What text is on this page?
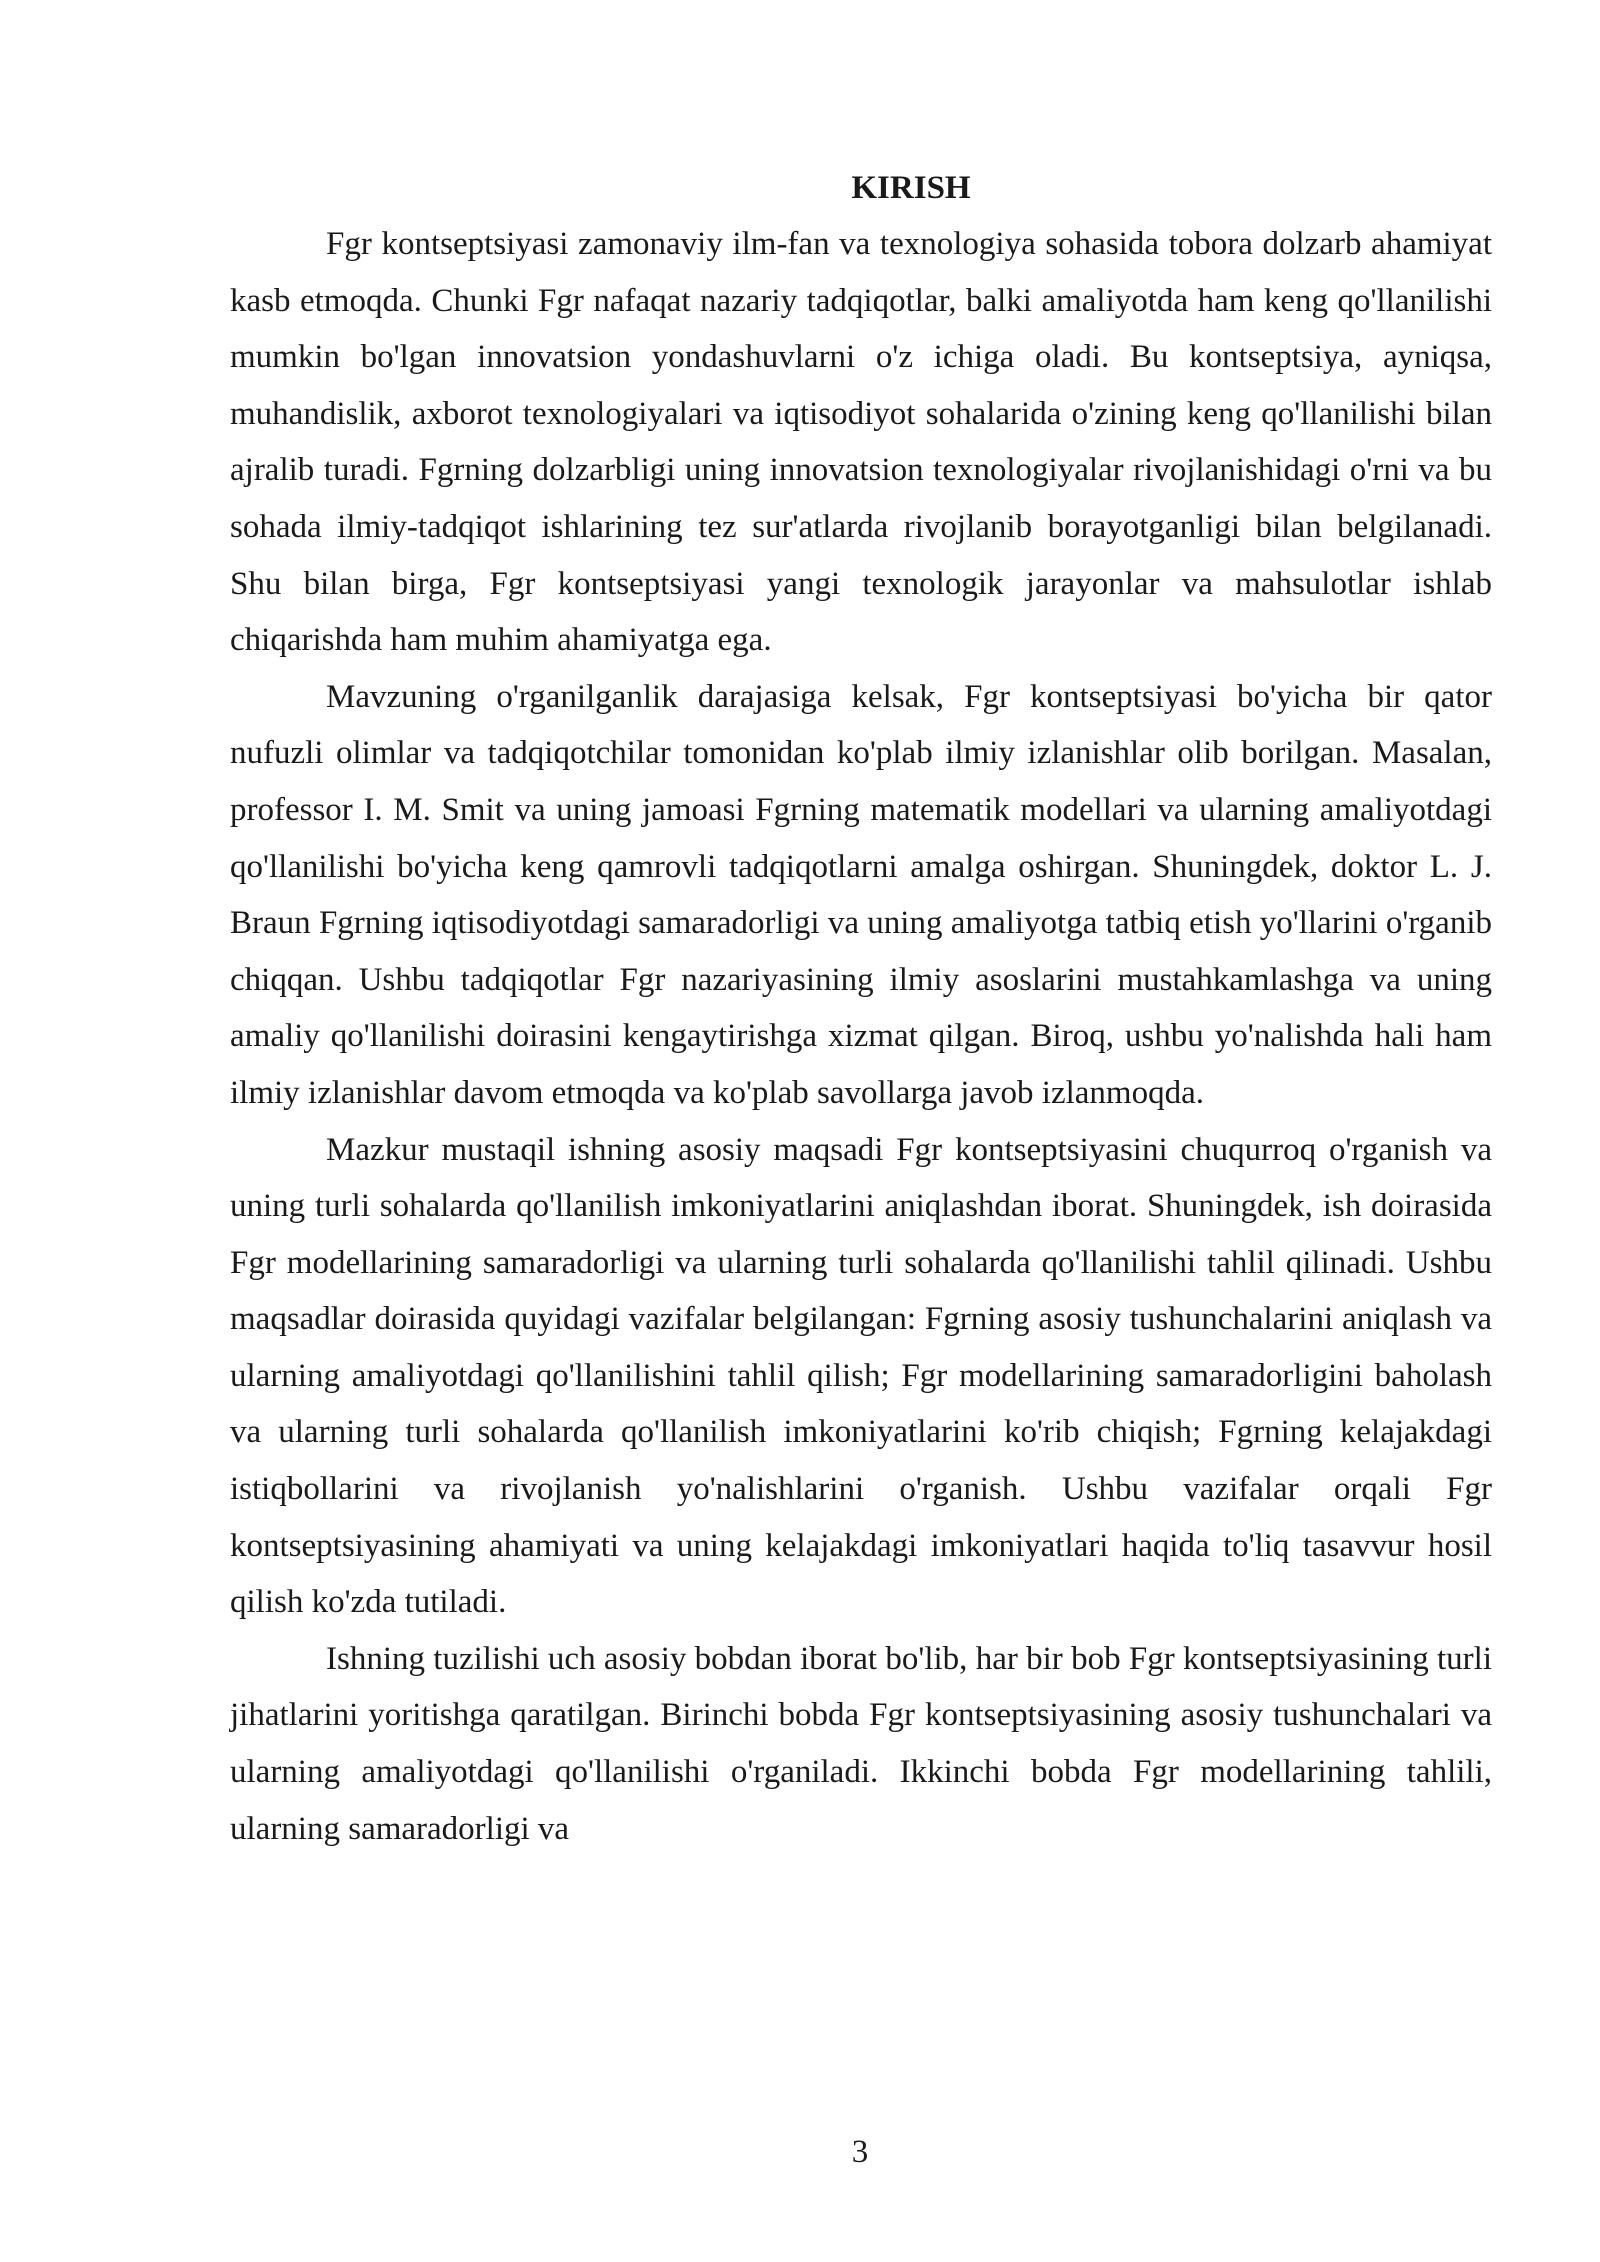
KIRISH

Fgr kontseptsiyasi zamonaviy ilm-fan va texnologiya sohasida tobora dolzarb ahamiyat kasb etmoqda. Chunki Fgr nafaqat nazariy tadqiqotlar, balki amaliyotda ham keng qo'llanilishi mumkin bo'lgan innovatsion yondashuvlarni o'z ichiga oladi. Bu kontseptsiya, ayniqsa, muhandislik, axborot texnologiyalari va iqtisodiyot sohalarida o'zining keng qo'llanilishi bilan ajralib turadi. Fgrning dolzarbligi uning innovatsion texnologiyalar rivojlanishidagi o'rni va bu sohada ilmiy-tadqiqot ishlarining tez sur'atlarda rivojlanib borayotganligi bilan belgilanadi. Shu bilan birga, Fgr kontseptsiyasi yangi texnologik jarayonlar va mahsulotlar ishlab chiqarishda ham muhim ahamiyatga ega.

Mavzuning o'rganilganlik darajasiga kelsak, Fgr kontseptsiyasi bo'yicha bir qator nufuzli olimlar va tadqiqotchilar tomonidan ko'plab ilmiy izlanishlar olib borilgan. Masalan, professor I. M. Smit va uning jamoasi Fgrning matematik modellari va ularning amaliyotdagi qo'llanilishi bo'yicha keng qamrovli tadqiqotlarni amalga oshirgan. Shuningdek, doktor L. J. Braun Fgrning iqtisodiyotdagi samaradorligi va uning amaliyotga tatbiq etish yo'llarini o'rganib chiqqan. Ushbu tadqiqotlar Fgr nazariyasining ilmiy asoslarini mustahkamlashga va uning amaliy qo'llanilishi doirasini kengaytirishga xizmat qilgan. Biroq, ushbu yo'nalishda hali ham ilmiy izlanishlar davom etmoqda va ko'plab savollarga javob izlanmoqda.

Mazkur mustaqil ishning asosiy maqsadi Fgr kontseptsiyasini chuqurroq o'rganish va uning turli sohalarda qo'llanilish imkoniyatlarini aniqlashdan iborat. Shuningdek, ish doirasida Fgr modellarining samaradorligi va ularning turli sohalarda qo'llanilishi tahlil qilinadi. Ushbu maqsadlar doirasida quyidagi vazifalar belgilangan: Fgrning asosiy tushunchalarini aniqlash va ularning amaliyotdagi qo'llanilishini tahlil qilish; Fgr modellarining samaradorligini baholash va ularning turli sohalarda qo'llanilish imkoniyatlarini ko'rib chiqish; Fgrning kelajakdagi istiqbollarini va rivojlanish yo'nalishlarini o'rganish. Ushbu vazifalar orqali Fgr kontseptsiyasining ahamiyati va uning kelajakdagi imkoniyatlari haqida to'liq tasavvur hosil qilish ko'zda tutiladi.

Ishning tuzilishi uch asosiy bobdan iborat bo'lib, har bir bob Fgr kontseptsiyasining turli jihatlarini yoritishga qaratilgan. Birinchi bobda Fgr kontseptsiyasining asosiy tushunchalari va ularning amaliyotdagi qo'llanilishi o'rganiladi. Ikkinchi bobda Fgr modellarining tahlili, ularning samaradorligi va

3
